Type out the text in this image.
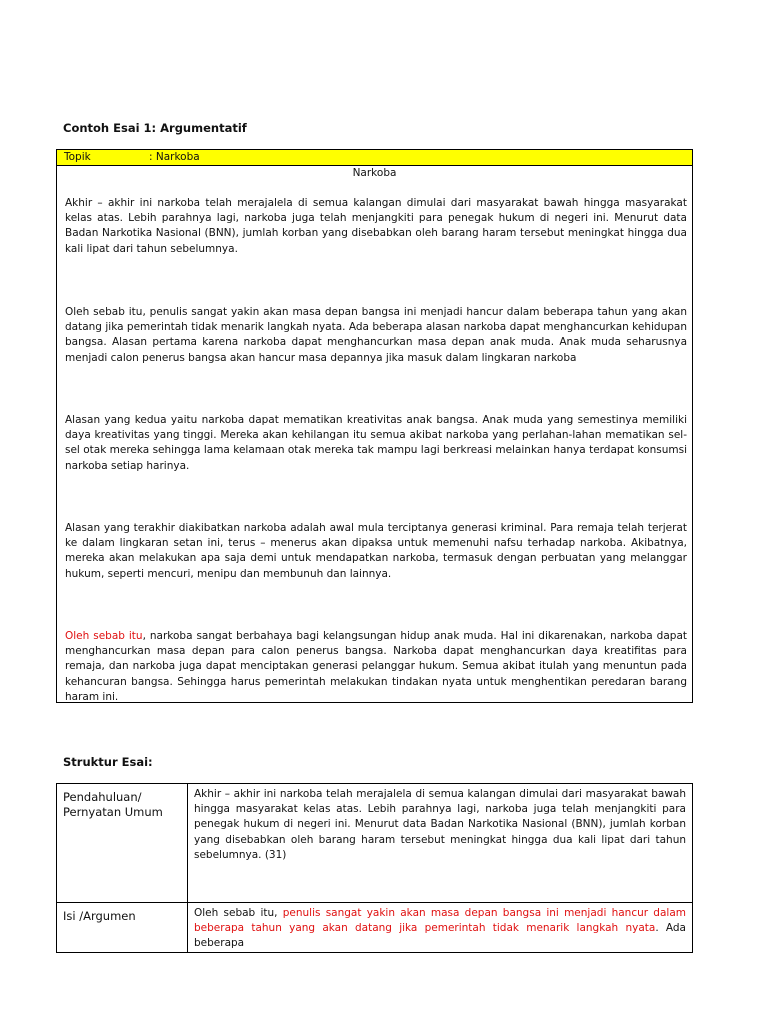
Contoh Esai 1: Argumentatif
Topik	: Narkoba
Narkoba
Akhir – akhir ini narkoba telah merajalela di semua kalangan dimulai dari masyarakat bawah hingga masyarakat kelas atas. Lebih parahnya lagi, narkoba juga telah menjangkiti para penegak hukum di negeri ini. Menurut data Badan Narkotika Nasional (BNN), jumlah korban yang disebabkan oleh barang haram tersebut meningkat hingga dua kali lipat dari tahun sebelumnya.
Oleh sebab itu, penulis sangat yakin akan masa depan bangsa ini menjadi hancur dalam beberapa tahun yang akan datang jika pemerintah tidak menarik langkah nyata. Ada beberapa alasan narkoba dapat menghancurkan kehidupan bangsa. Alasan pertama karena narkoba dapat menghancurkan masa depan anak muda. Anak muda seharusnya menjadi calon penerus bangsa akan hancur masa depannya jika masuk dalam lingkaran narkoba
Alasan yang kedua yaitu narkoba dapat mematikan kreativitas anak bangsa. Anak muda yang semestinya memiliki daya kreativitas yang tinggi. Mereka akan kehilangan itu semua akibat narkoba yang perlahan-lahan mematikan sel-sel otak mereka sehingga lama kelamaan otak mereka tak mampu lagi berkreasi melainkan hanya terdapat konsumsi narkoba setiap harinya.
Alasan yang terakhir diakibatkan narkoba adalah awal mula terciptanya generasi kriminal. Para remaja telah terjerat ke dalam lingkaran setan ini, terus – menerus akan dipaksa untuk memenuhi nafsu terhadap narkoba. Akibatnya, mereka akan melakukan apa saja demi untuk mendapatkan narkoba, termasuk dengan perbuatan yang melanggar hukum, seperti mencuri, menipu dan membunuh dan lainnya.
Oleh sebab itu, narkoba sangat berbahaya bagi kelangsungan hidup anak muda. Hal ini dikarenakan, narkoba dapat menghancurkan masa depan para calon penerus bangsa. Narkoba dapat menghancurkan daya kreatifitas para remaja, dan narkoba juga dapat menciptakan generasi pelanggar hukum. Semua akibat itulah yang menuntun pada kehancuran bangsa. Sehingga harus pemerintah melakukan tindakan nyata untuk menghentikan peredaran barang haram ini.
Struktur Esai:
Pendahuluan/ Pernyatan Umum	Akhir – akhir ini narkoba telah merajalela di semua kalangan dimulai dari masyarakat bawah hingga masyarakat kelas atas. Lebih parahnya lagi, narkoba juga telah menjangkiti para penegak hukum di negeri ini. Menurut data Badan Narkotika Nasional (BNN), jumlah korban yang disebabkan oleh barang haram tersebut meningkat hingga dua kali lipat dari tahun sebelumnya. (31)
Isi /Argumen	Oleh sebab itu, penulis sangat yakin akan masa depan bangsa ini menjadi hancur dalam beberapa tahun yang akan datang jika pemerintah tidak menarik langkah nyata. Ada beberapa
